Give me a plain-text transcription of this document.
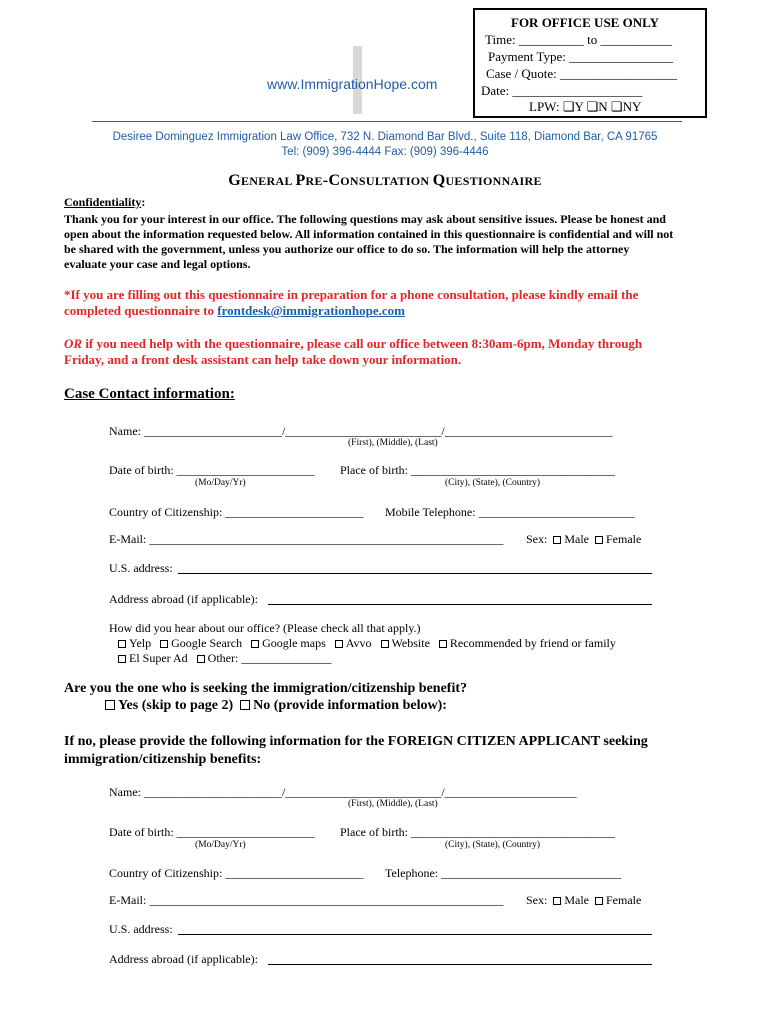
FOR OFFICE USE ONLY
Time: __________ to ___________
Payment Type: ________________
Case / Quote: __________________
Date: ____________________
LPW: ❏Y ❏N ❏NY
www.ImmigrationHope.com
Desiree Dominguez Immigration Law Office, 732 N. Diamond Bar Blvd., Suite 118, Diamond Bar, CA 91765
Tel: (909) 396-4444 Fax: (909) 396-4446
GENERAL PRE-CONSULTATION QUESTIONNAIRE
Confidentiality:
Thank you for your interest in our office. The following questions may ask about sensitive issues. Please be honest and
open about the information requested below. All information contained in this questionnaire is confidential and will not
be shared with the government, unless you authorize our office to do so. The information will help the attorney
evaluate your case and legal options.
*If you are filling out this questionnaire in preparation for a phone consultation, please kindly email the
completed questionnaire to frontdesk@immigrationhope.com
OR if you need help with the questionnaire, please call our office between 8:30am-6pm, Monday through
Friday, and a front desk assistant can help take down your information.
Case Contact information:
Name: _______________________/__________________________/____________________________
(First), (Middle), (Last)
Date of birth: _______________________ Place of birth: __________________________________
(Mo/Day/Yr)	(City), (State), (Country)
Country of Citizenship: _______________________ Mobile Telephone: __________________________
E-Mail: ___________________________________________________________ Sex: Male Female
U.S. address:
Address abroad (if applicable):
How did you hear about our office? (Please check all that apply.)
Yelp Google Search Google maps Avvo Website Recommended by friend or family
El Super Ad Other: _______________
Are you the one who is seeking the immigration/citizenship benefit?
Yes (skip to page 2) No (provide information below):
If no, please provide the following information for the FOREIGN CITIZEN APPLICANT seeking
immigration/citizenship benefits:
Name: _______________________/__________________________/______________________
(First), (Middle), (Last)
Date of birth: _______________________ Place of birth: __________________________________
(Mo/Day/Yr)	(City), (State), (Country)
Country of Citizenship: _______________________ Telephone: ______________________________
E-Mail: ___________________________________________________________ Sex: Male Female
U.S. address:
Address abroad (if applicable):
